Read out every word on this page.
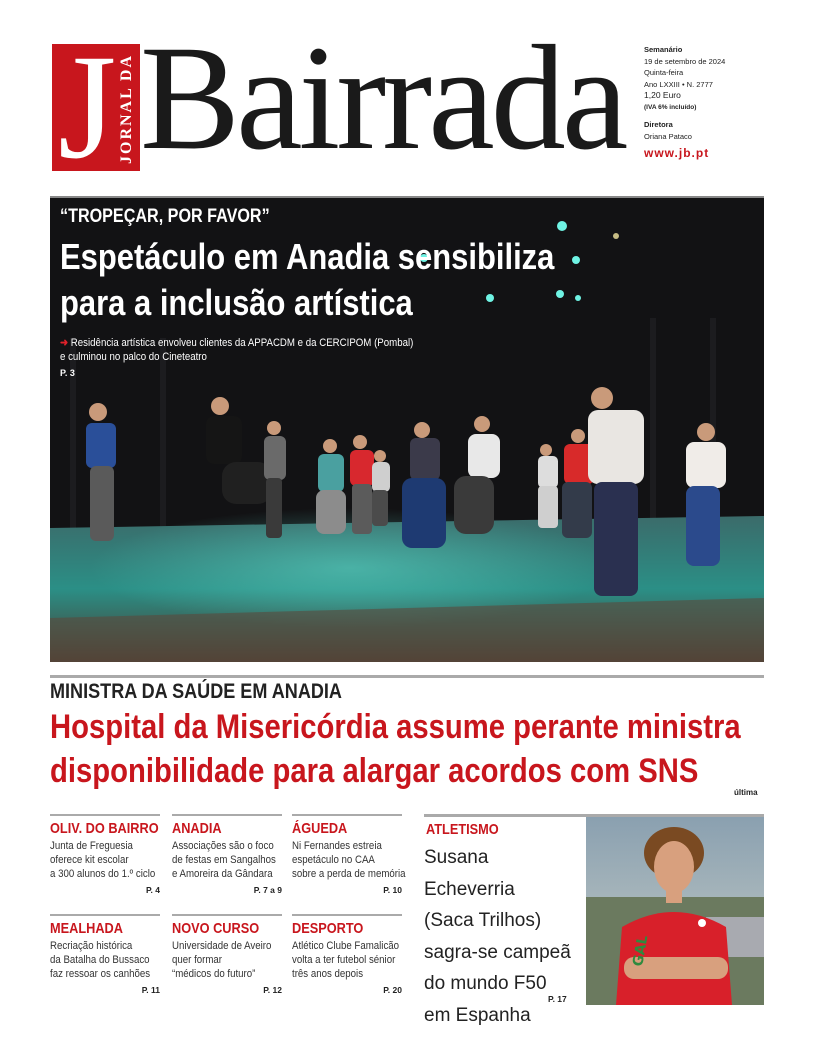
J JORNAL DA Bairrada	Semanário
19 de setembro de 2024
Quinta-feira
Ano LXXIII • N. 2777
1,20 Euro
(IVA 6% incluído)
Diretora
Oriana Pataco
www.jb.pt
“TROPEÇAR, POR FAVOR”
Espetáculo em Anadia sensibiliza
para a inclusão artística
➜ Residência artística envolveu clientes da APPACDM e da CERCIPOM (Pombal)
e culminou no palco do Cineteatro
P. 3
MINISTRA DA SAÚDE EM ANADIA
Hospital da Misericórdia assume perante ministra
disponibilidade para alargar acordos com SNS
última
OLIV. DO BAIRRO
Junta de Freguesia
oferece kit escolar
a 300 alunos do 1.º ciclo
P. 4
ANADIA
Associações são o foco
de festas em Sangalhos
e Amoreira da Gândara
P. 7 a 9
ÁGUEDA
Ni Fernandes estreia
espetáculo no CAA
sobre a perda de memória
P. 10
MEALHADA
Recriação histórica
da Batalha do Bussaco
faz ressoar os canhões
P. 11
NOVO CURSO
Universidade de Aveiro
quer formar
“médicos do futuro”
P. 12
DESPORTO
Atlético Clube Famalicão
volta a ter futebol sénior
três anos depois
P. 20
ATLETISMO
Susana Echeverria
(Saca Trilhos)
sagra-se campeã
do mundo F50
em Espanha
P. 17
GAL
